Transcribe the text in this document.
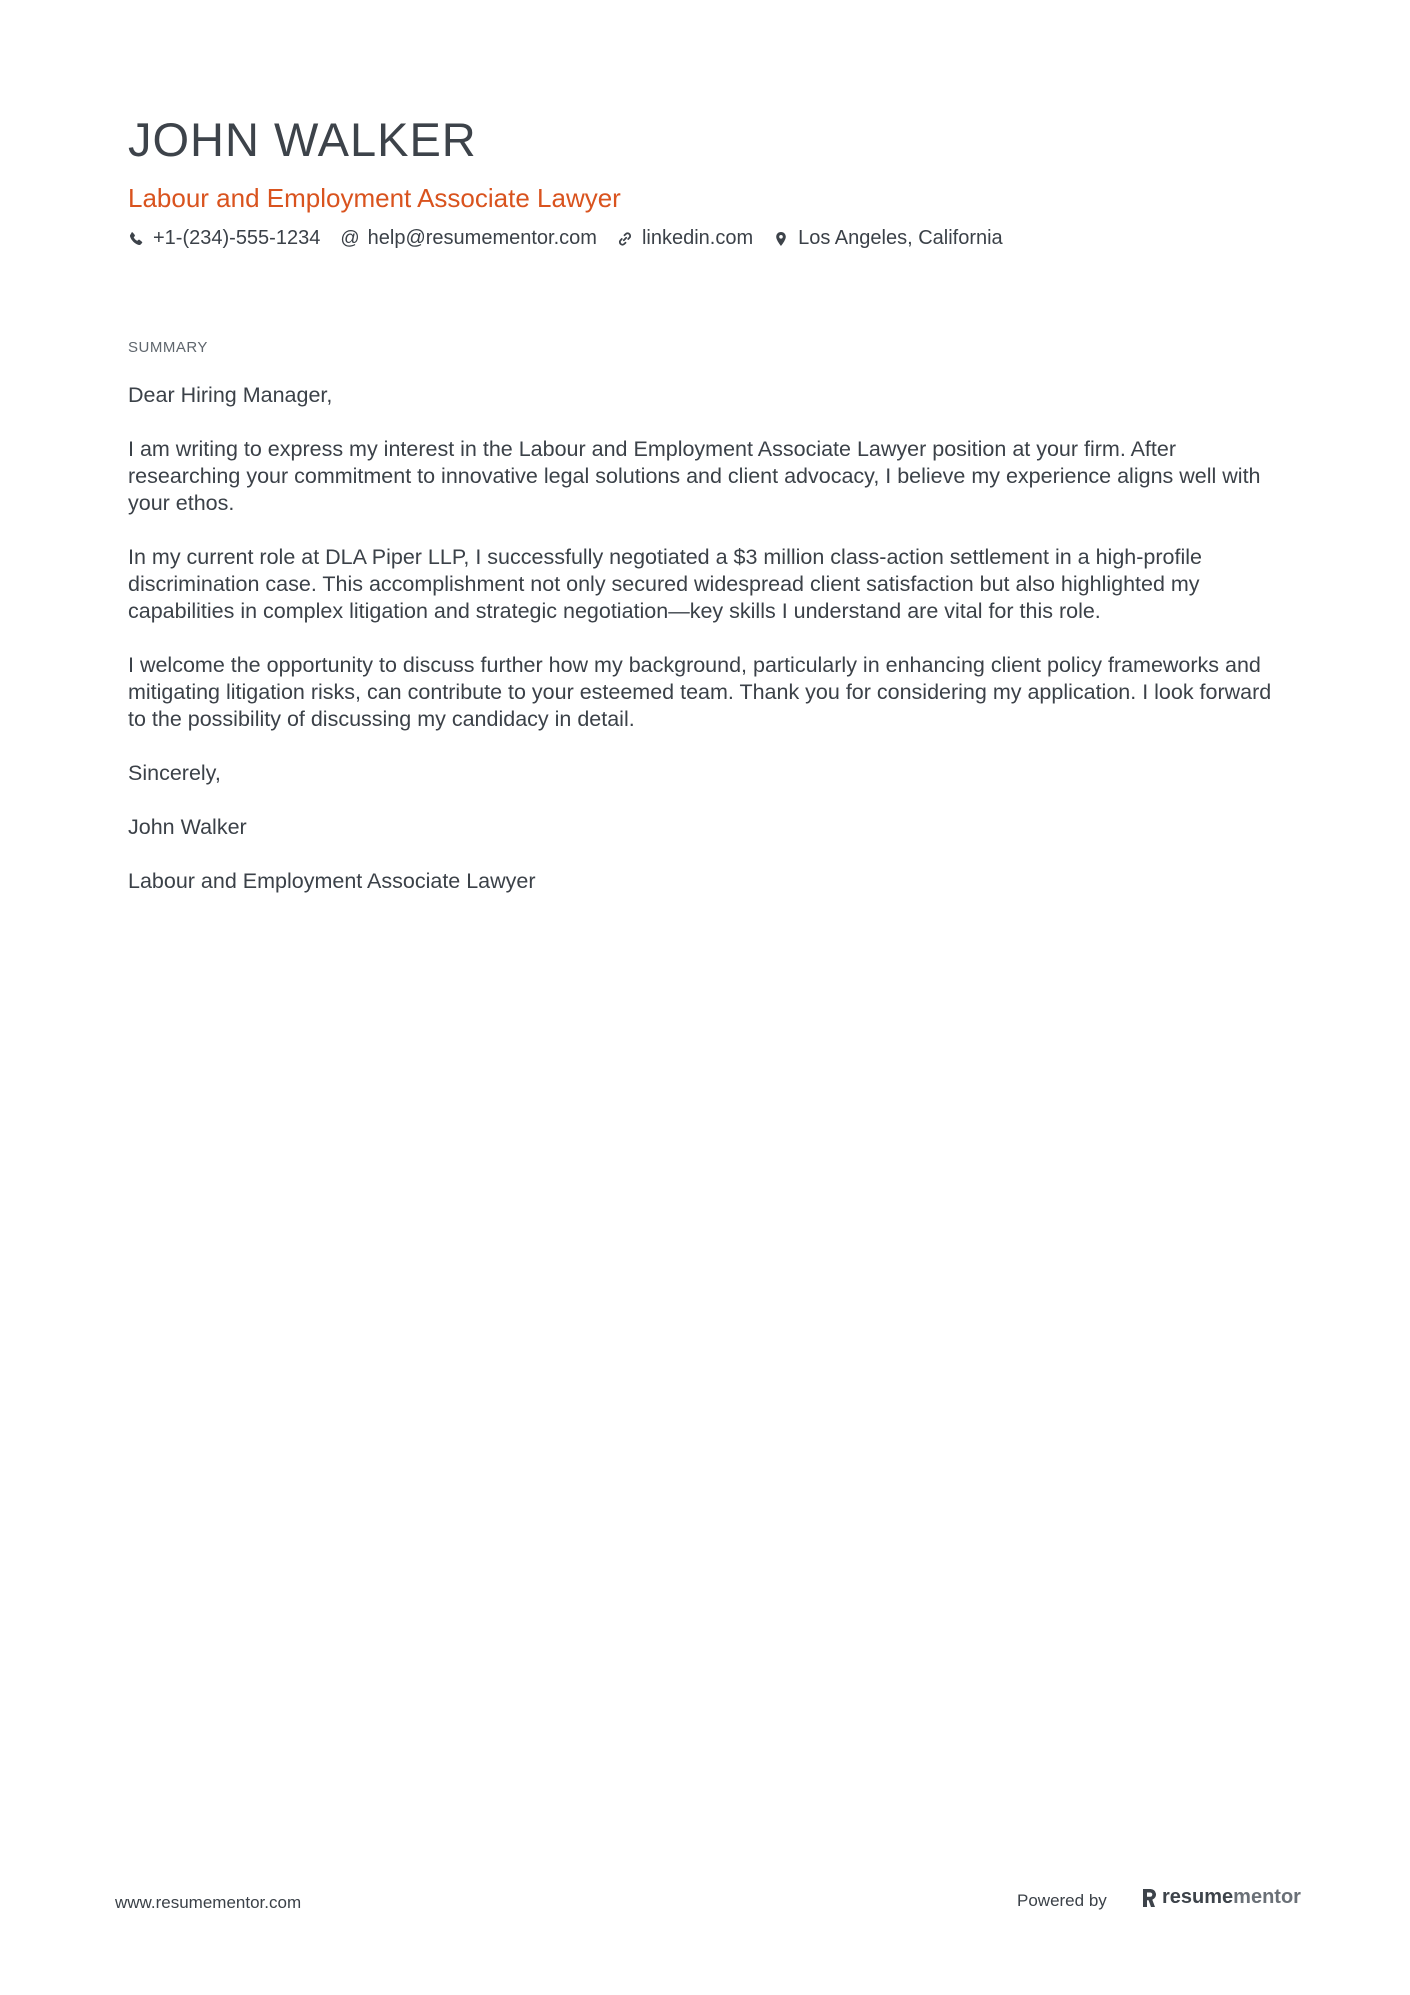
JOHN WALKER
Labour and Employment Associate Lawyer
+1-(234)-555-1234 @ help@resumementor.com linkedin.com Los Angeles, California
SUMMARY

Dear Hiring Manager,

I am writing to express my interest in the Labour and Employment Associate Lawyer position at your firm. After researching your commitment to innovative legal solutions and client advocacy, I believe my experience aligns well with your ethos.

In my current role at DLA Piper LLP, I successfully negotiated a $3 million class-action settlement in a high-profile discrimination case. This accomplishment not only secured widespread client satisfaction but also highlighted my capabilities in complex litigation and strategic negotiation—key skills I understand are vital for this role.

I welcome the opportunity to discuss further how my background, particularly in enhancing client policy frameworks and mitigating litigation risks, can contribute to your esteemed team. Thank you for considering my application. I look forward to the possibility of discussing my candidacy in detail.

Sincerely,

John Walker

Labour and Employment Associate Lawyer

www.resumementor.com	Powered by	resume mentor
